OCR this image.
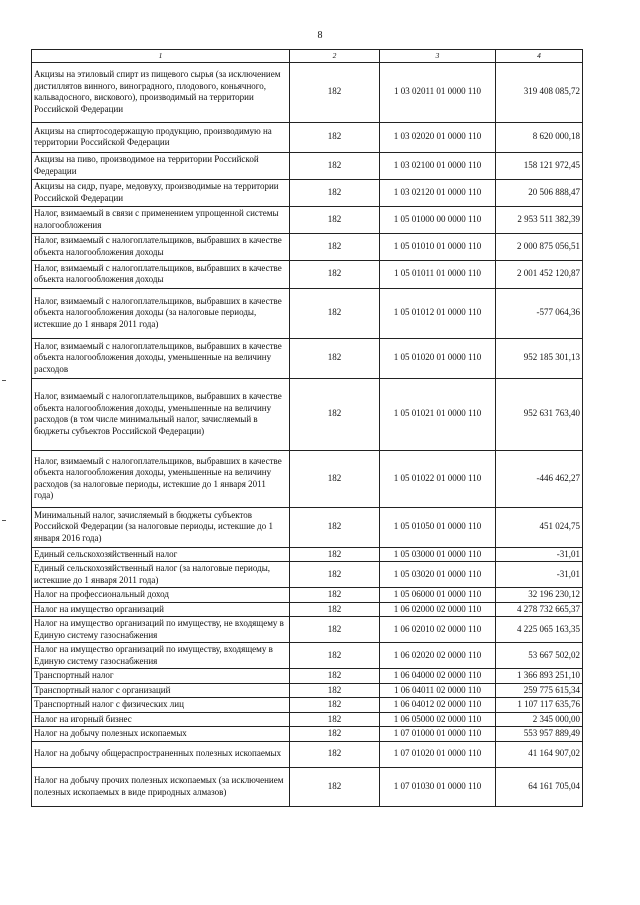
8
1	2	3	4
Акцизы на этиловый спирт из пищевого сырья (за исключением дистиллятов винного, виноградного, плодового, коньячного, кальвадосного, вискового), производимый на территории Российской Федерации	182	1 03 02011 01 0000 110	319 408 085,72
Акцизы на спиртосодержащую продукцию, производимую на территории Российской Федерации	182	1 03 02020 01 0000 110	8 620 000,18
Акцизы на пиво, производимое на территории Российской Федерации	182	1 03 02100 01 0000 110	158 121 972,45
Акцизы на сидр, пуаре, медовуху, производимые на территории Российской Федерации	182	1 03 02120 01 0000 110	20 506 888,47
Налог, взимаемый в связи с применением упрощенной системы налогообложения	182	1 05 01000 00 0000 110	2 953 511 382,39
Налог, взимаемый с налогоплательщиков, выбравших в качестве объекта налогообложения доходы	182	1 05 01010 01 0000 110	2 000 875 056,51
Налог, взимаемый с налогоплательщиков, выбравших в качестве объекта налогообложения доходы	182	1 05 01011 01 0000 110	2 001 452 120,87
Налог, взимаемый с налогоплательщиков, выбравших в качестве объекта налогообложения доходы (за налоговые периоды, истекшие до 1 января 2011 года)	182	1 05 01012 01 0000 110	-577 064,36
Налог, взимаемый с налогоплательщиков, выбравших в качестве объекта налогообложения доходы, уменьшенные на величину расходов	182	1 05 01020 01 0000 110	952 185 301,13
Налог, взимаемый с налогоплательщиков, выбравших в качестве объекта налогообложения доходы, уменьшенные на величину расходов (в том числе минимальный налог, зачисляемый в бюджеты субъектов Российской Федерации)	182	1 05 01021 01 0000 110	952 631 763,40
Налог, взимаемый с налогоплательщиков, выбравших в качестве объекта налогообложения доходы, уменьшенные на величину расходов (за налоговые периоды, истекшие до 1 января 2011 года)	182	1 05 01022 01 0000 110	-446 462,27
Минимальный налог, зачисляемый в бюджеты субъектов Российской Федерации (за налоговые периоды, истекшие до 1 января 2016 года)	182	1 05 01050 01 0000 110	451 024,75
Единый сельскохозяйственный налог	182	1 05 03000 01 0000 110	-31,01
Единый сельскохозяйственный налог (за налоговые периоды, истекшие до 1 января 2011 года)	182	1 05 03020 01 0000 110	-31,01
Налог на профессиональный доход	182	1 05 06000 01 0000 110	32 196 230,12
Налог на имущество организаций	182	1 06 02000 02 0000 110	4 278 732 665,37
Налог на имущество организаций по имуществу, не входящему в Единую систему газоснабжения	182	1 06 02010 02 0000 110	4 225 065 163,35
Налог на имущество организаций по имуществу, входящему в Единую систему газоснабжения	182	1 06 02020 02 0000 110	53 667 502,02
Транспортный налог	182	1 06 04000 02 0000 110	1 366 893 251,10
Транспортный налог с организаций	182	1 06 04011 02 0000 110	259 775 615,34
Транспортный налог с физических лиц	182	1 06 04012 02 0000 110	1 107 117 635,76
Налог на игорный бизнес	182	1 06 05000 02 0000 110	2 345 000,00
Налог на добычу полезных ископаемых	182	1 07 01000 01 0000 110	553 957 889,49
Налог на добычу общераспространенных полезных ископаемых	182	1 07 01020 01 0000 110	41 164 907,02
Налог на добычу прочих полезных ископаемых (за исключением полезных ископаемых в виде природных алмазов)	182	1 07 01030 01 0000 110	64 161 705,04
